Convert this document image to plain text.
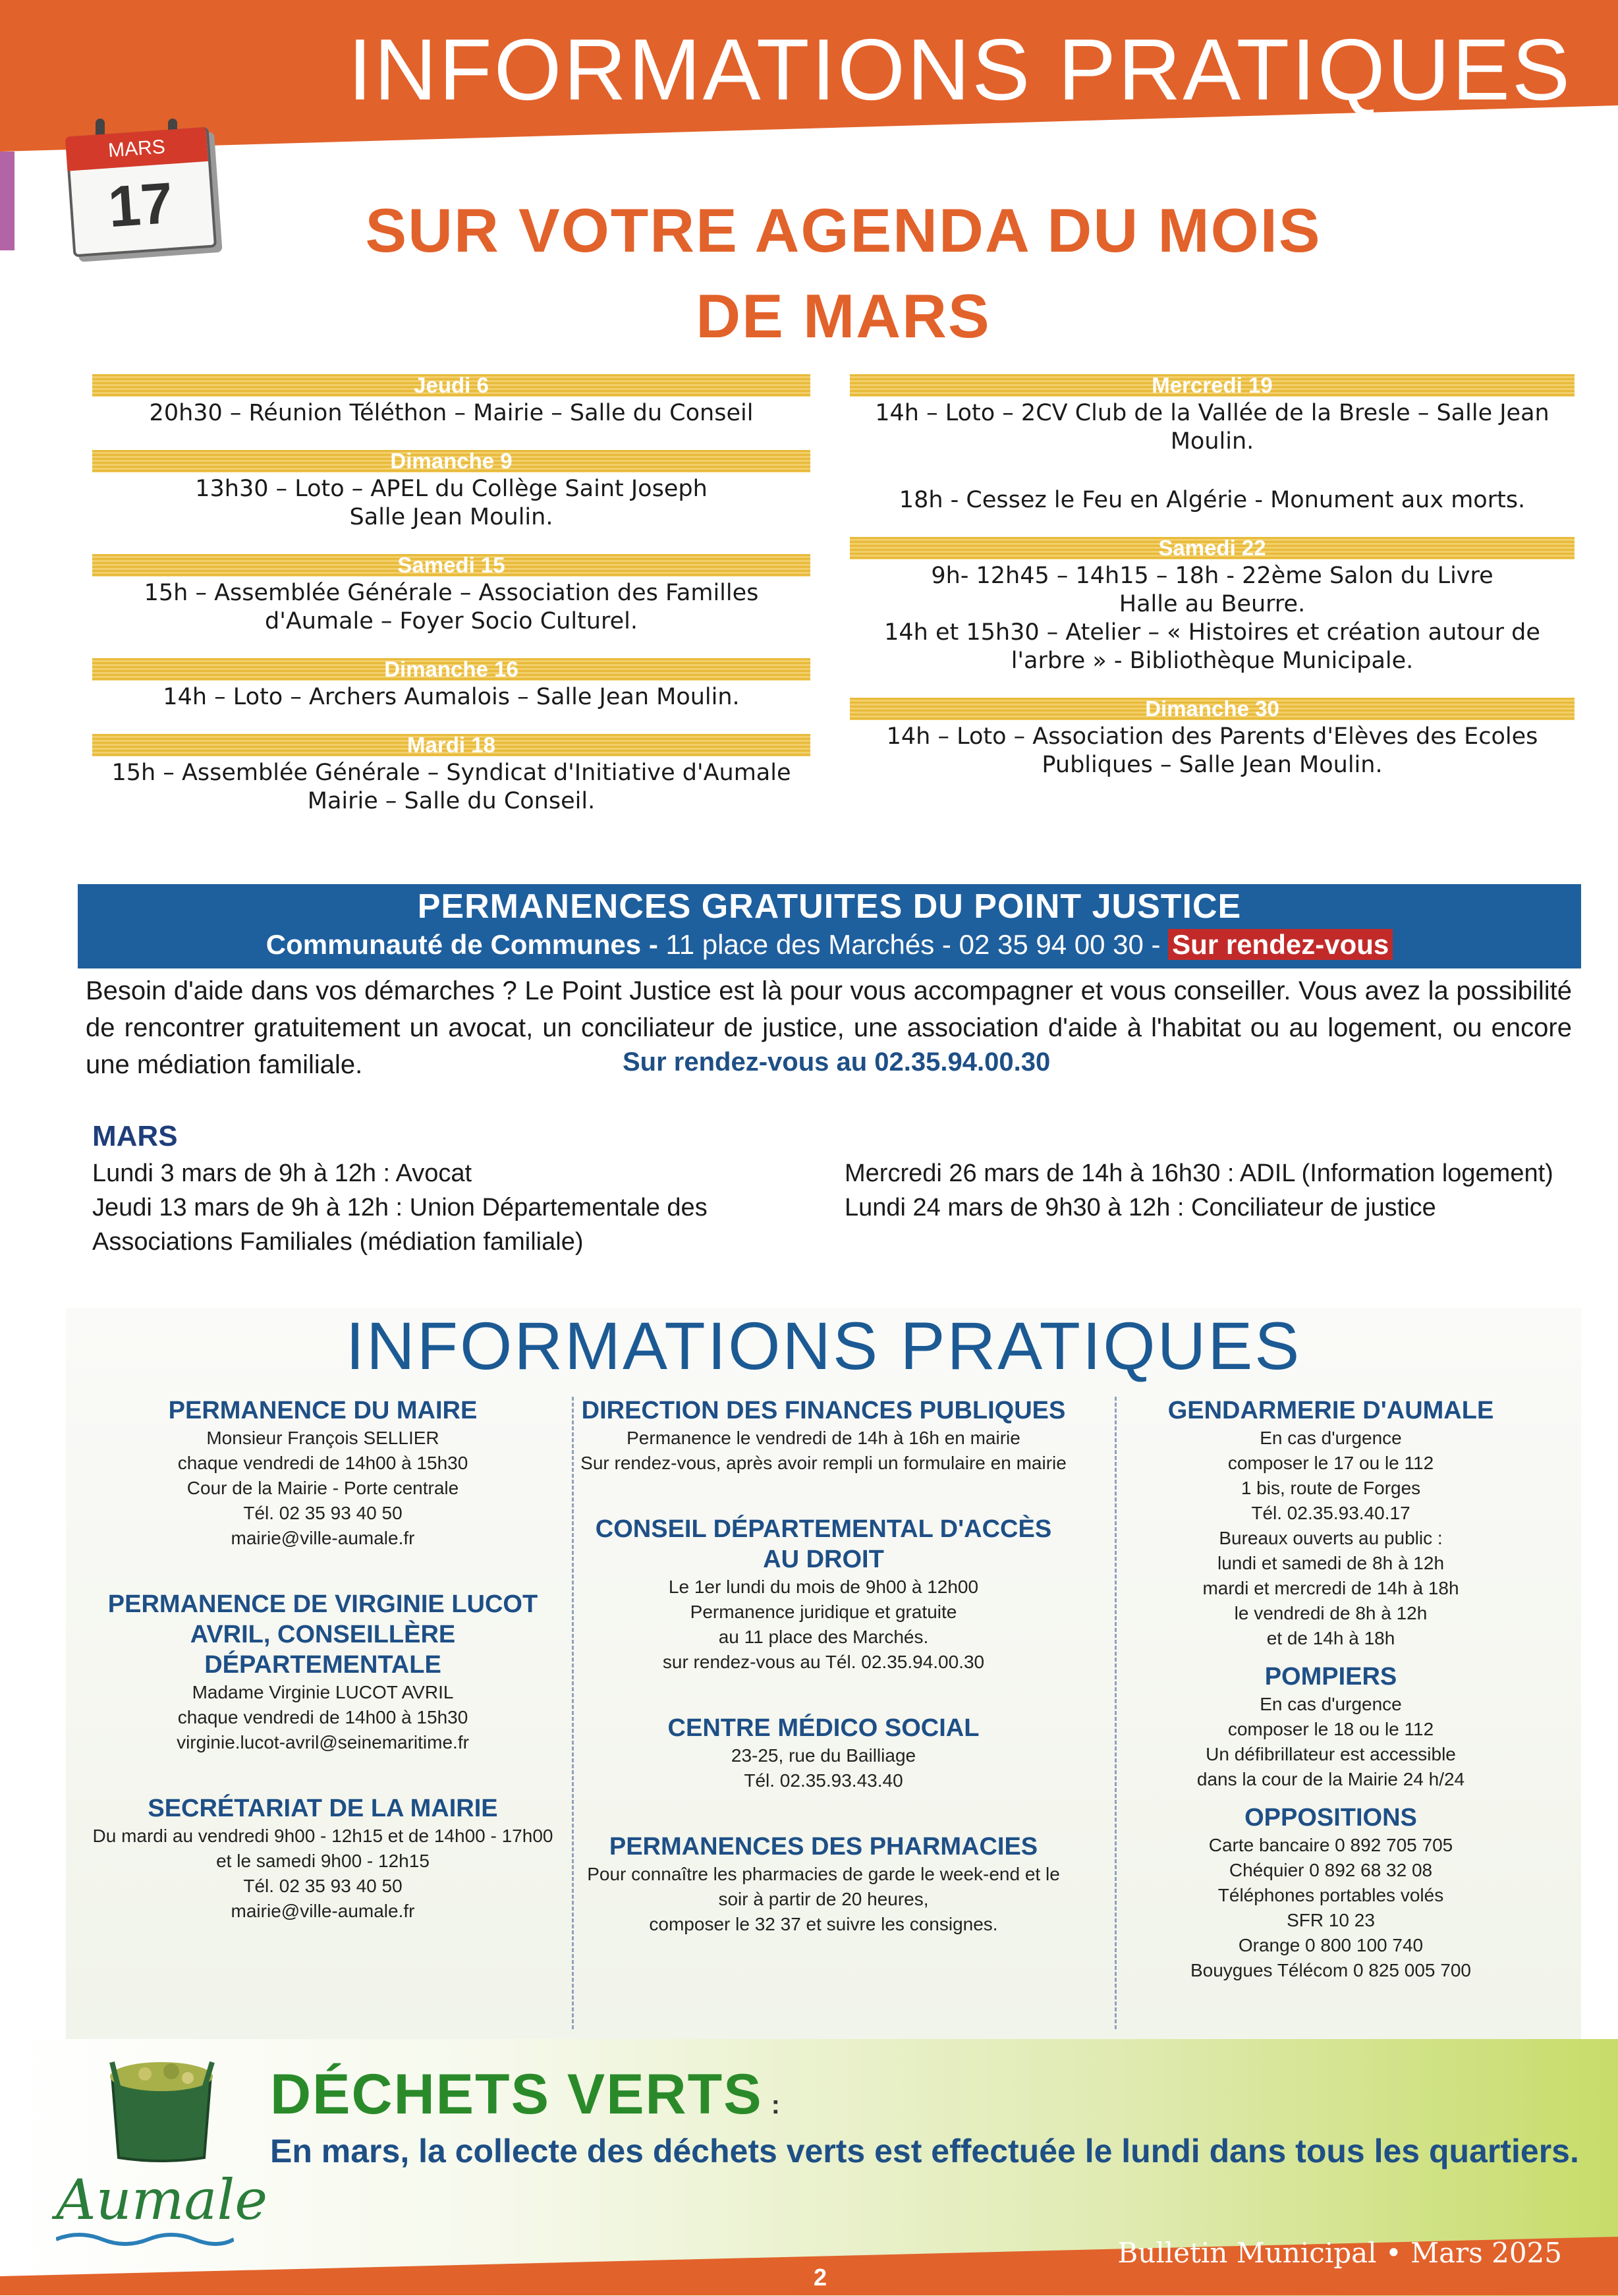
INFORMATIONS PRATIQUES
MARS
17	SUR VOTRE AGENDA DU MOIS
DE MARS
Jeudi 6
20h30 – Réunion Téléthon – Mairie – Salle du Conseil
Dimanche 9
13h30 – Loto – APEL du Collège Saint Joseph
Salle Jean Moulin.
Samedi 15
15h – Assemblée Générale – Association des Familles
d'Aumale – Foyer Socio Culturel.
Dimanche 16
14h – Loto – Archers Aumalois – Salle Jean Moulin.
Mardi 18
15h – Assemblée Générale – Syndicat d'Initiative d'Aumale
Mairie – Salle du Conseil.
Mercredi 19
14h – Loto – 2CV Club de la Vallée de la Bresle – Salle Jean
Moulin.
18h - Cessez le Feu en Algérie - Monument aux morts.
Samedi 22
9h- 12h45 – 14h15 – 18h - 22ème Salon du Livre
Halle au Beurre.
14h et 15h30 – Atelier – « Histoires et création autour de
l'arbre » - Bibliothèque Municipale.
Dimanche 30
14h – Loto – Association des Parents d'Elèves des Ecoles
Publiques – Salle Jean Moulin.
PERMANENCES GRATUITES DU POINT JUSTICE
Communauté de Communes - 11 place des Marchés - 02 35 94 00 30 - Sur rendez-vous
Besoin d'aide dans vos démarches ? Le Point Justice est là pour vous accompagner et vous conseiller. Vous avez la possibilité de rencontrer gratuitement un avocat, un conciliateur de justice, une association d'aide à l'habitat ou au logement, ou encore une médiation familiale.	Sur rendez-vous au 02.35.94.00.30
MARS
Lundi 3 mars de 9h à 12h : Avocat
Jeudi 13 mars de 9h à 12h : Union Départementale des Associations Familiales (médiation familiale)
Mercredi 26 mars de 14h à 16h30 : ADIL (Information logement)
Lundi 24 mars de 9h30 à 12h : Conciliateur de justice
INFORMATIONS PRATIQUES
PERMANENCE DU MAIRE
Monsieur François SELLIER
chaque vendredi de 14h00 à 15h30
Cour de la Mairie - Porte centrale
Tél. 02 35 93 40 50
mairie@ville-aumale.fr
PERMANENCE DE VIRGINIE LUCOT
AVRIL, CONSEILLÈRE DÉPARTEMENTALE
Madame Virginie LUCOT AVRIL
chaque vendredi de 14h00 à 15h30
virginie.lucot-avril@seinemaritime.fr
SECRÉTARIAT DE LA MAIRIE
Du mardi au vendredi 9h00 - 12h15 et de 14h00 - 17h00
et le samedi 9h00 - 12h15
Tél. 02 35 93 40 50
mairie@ville-aumale.fr
DIRECTION DES FINANCES PUBLIQUES
Permanence le vendredi de 14h à 16h en mairie
Sur rendez-vous, après avoir rempli un formulaire en mairie
CONSEIL DÉPARTEMENTAL D'ACCÈS AU DROIT
Le 1er lundi du mois de 9h00 à 12h00
Permanence juridique et gratuite
au 11 place des Marchés.
sur rendez-vous au Tél. 02.35.94.00.30
CENTRE MÉDICO SOCIAL
23-25, rue du Bailliage
Tél. 02.35.93.43.40
PERMANENCES DES PHARMACIES
Pour connaître les pharmacies de garde le week-end et le
soir à partir de 20 heures,
composer le 32 37 et suivre les consignes.
GENDARMERIE D'AUMALE
En cas d'urgence
composer le 17 ou le 112
1 bis, route de Forges
Tél. 02.35.93.40.17
Bureaux ouverts au public :
lundi et samedi de 8h à 12h
mardi et mercredi de 14h à 18h
le vendredi de 8h à 12h
et de 14h à 18h
POMPIERS
En cas d'urgence
composer le 18 ou le 112
Un défibrillateur est accessible
dans la cour de la Mairie 24 h/24
OPPOSITIONS
Carte bancaire 0 892 705 705
Chéquier 0 892 68 32 08
Téléphones portables volés
SFR 10 23
Orange 0 800 100 740
Bouygues Télécom 0 825 005 700
DÉCHETS VERTS :
En mars, la collecte des déchets verts est effectuée le lundi dans tous les quartiers.
Aumale
2
Bulletin Municipal • Mars 2025
